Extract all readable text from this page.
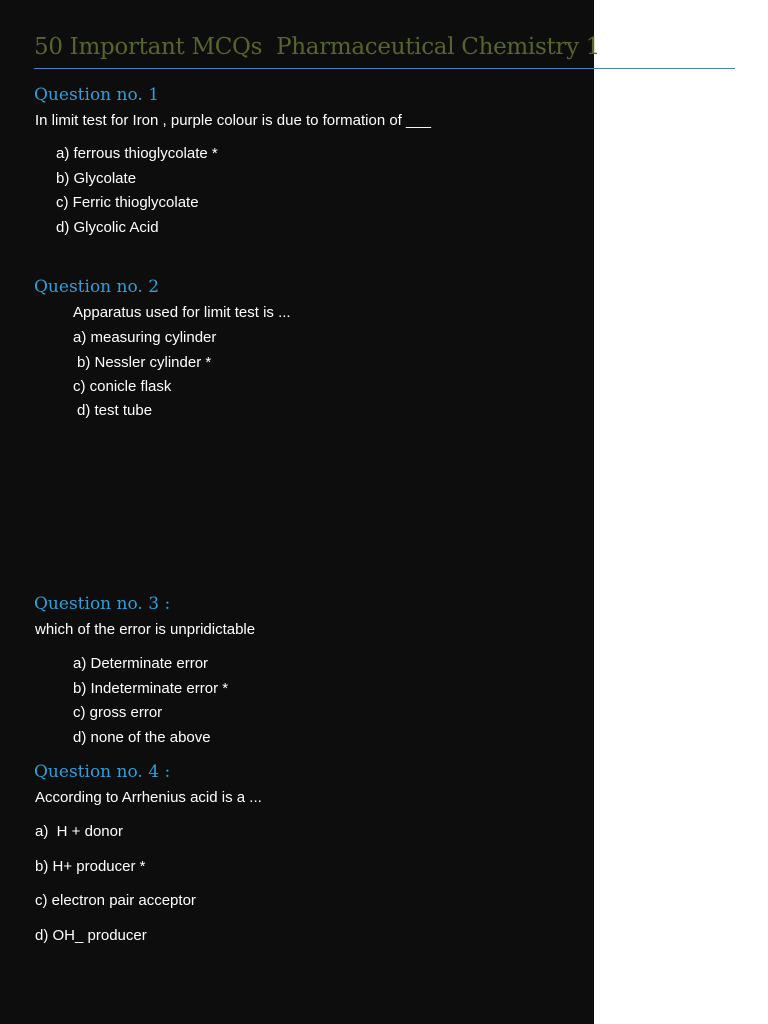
50 Important MCQs  Pharmaceutical Chemistry 1
Question no. 1
In limit test for Iron , purple colour is due to formation of ___
a) ferrous thioglycolate *
b) Glycolate
c) Ferric thioglycolate
d) Glycolic Acid
Question no. 2
Apparatus used for limit test is ...
a) measuring cylinder
b) Nessler cylinder *
c) conicle flask
d) test tube
Question no. 3 :
which of the error is unpridictable
a) Determinate error
b) Indeterminate error *
c) gross error
d) none of the above
Question no. 4 :
According to Arrhenius acid is a ...
a)  H + donor
b) H+ producer *
c) electron pair acceptor
d) OH_ producer
